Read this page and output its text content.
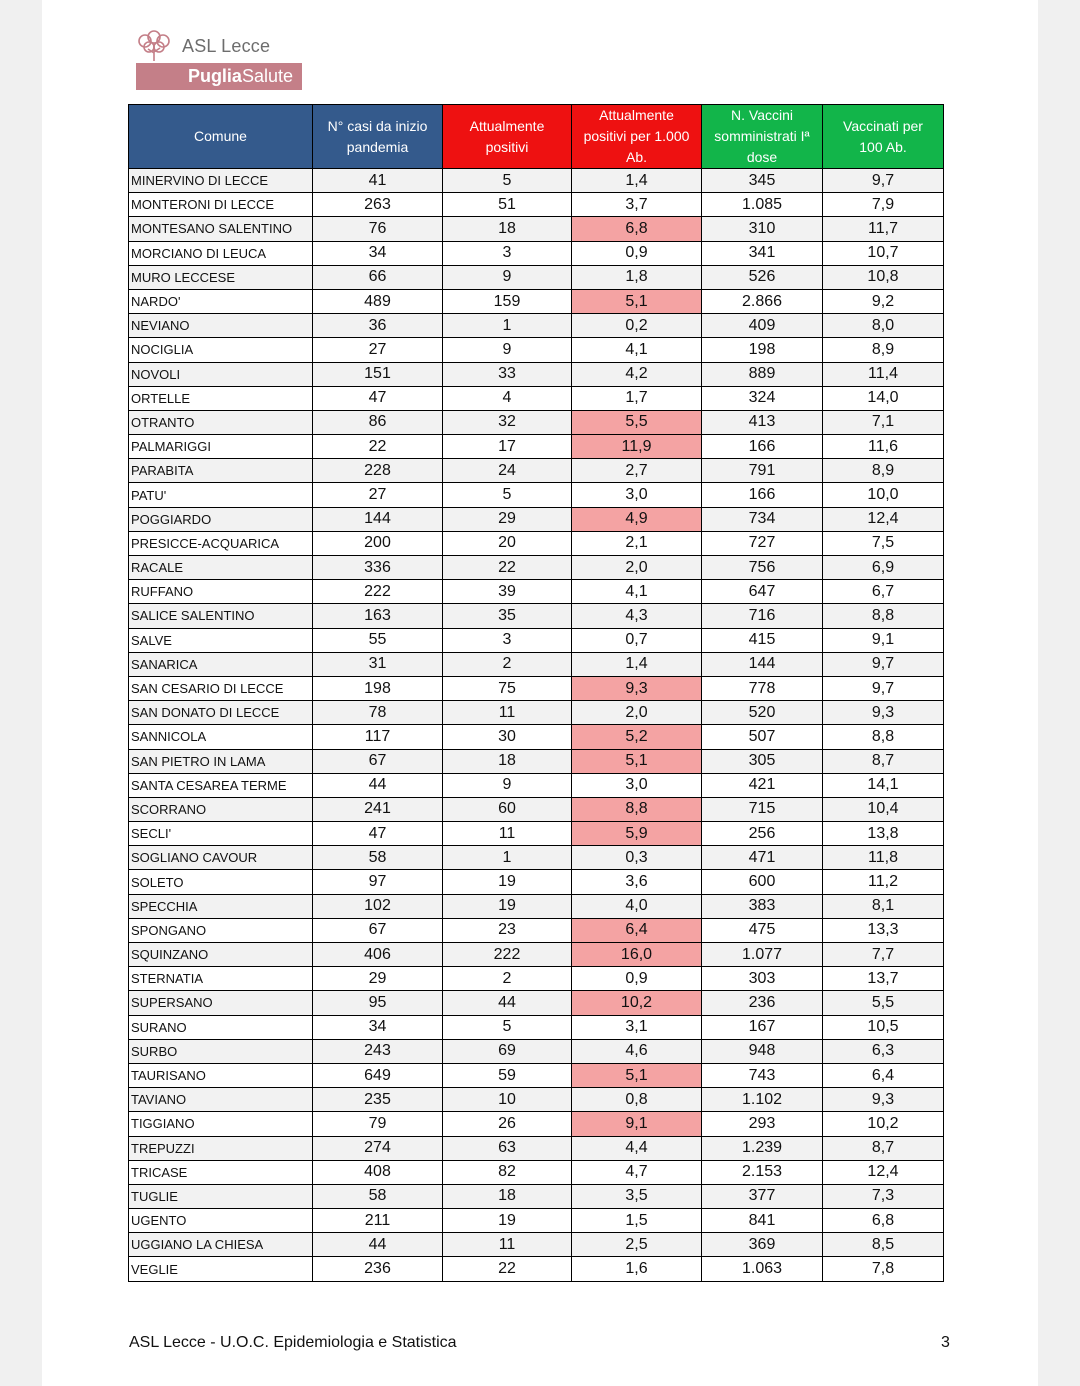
ASL Lecce
PugliaSalute
Comune	N° casi da inizio pandemia	Attualmente positivi	Attualmente positivi per 1.000 Ab.	N. Vaccini somministrati Iª dose	Vaccinati per 100 Ab.
MINERVINO DI LECCE	41	5	1,4	345	9,7
MONTERONI DI LECCE	263	51	3,7	1.085	7,9
MONTESANO SALENTINO	76	18	6,8	310	11,7
MORCIANO DI LEUCA	34	3	0,9	341	10,7
MURO LECCESE	66	9	1,8	526	10,8
NARDO'	489	159	5,1	2.866	9,2
NEVIANO	36	1	0,2	409	8,0
NOCIGLIA	27	9	4,1	198	8,9
NOVOLI	151	33	4,2	889	11,4
ORTELLE	47	4	1,7	324	14,0
OTRANTO	86	32	5,5	413	7,1
PALMARIGGI	22	17	11,9	166	11,6
PARABITA	228	24	2,7	791	8,9
PATU'	27	5	3,0	166	10,0
POGGIARDO	144	29	4,9	734	12,4
PRESICCE-ACQUARICA	200	20	2,1	727	7,5
RACALE	336	22	2,0	756	6,9
RUFFANO	222	39	4,1	647	6,7
SALICE SALENTINO	163	35	4,3	716	8,8
SALVE	55	3	0,7	415	9,1
SANARICA	31	2	1,4	144	9,7
SAN CESARIO DI LECCE	198	75	9,3	778	9,7
SAN DONATO DI LECCE	78	11	2,0	520	9,3
SANNICOLA	117	30	5,2	507	8,8
SAN PIETRO IN LAMA	67	18	5,1	305	8,7
SANTA CESAREA TERME	44	9	3,0	421	14,1
SCORRANO	241	60	8,8	715	10,4
SECLI'	47	11	5,9	256	13,8
SOGLIANO CAVOUR	58	1	0,3	471	11,8
SOLETO	97	19	3,6	600	11,2
SPECCHIA	102	19	4,0	383	8,1
SPONGANO	67	23	6,4	475	13,3
SQUINZANO	406	222	16,0	1.077	7,7
STERNATIA	29	2	0,9	303	13,7
SUPERSANO	95	44	10,2	236	5,5
SURANO	34	5	3,1	167	10,5
SURBO	243	69	4,6	948	6,3
TAURISANO	649	59	5,1	743	6,4
TAVIANO	235	10	0,8	1.102	9,3
TIGGIANO	79	26	9,1	293	10,2
TREPUZZI	274	63	4,4	1.239	8,7
TRICASE	408	82	4,7	2.153	12,4
TUGLIE	58	18	3,5	377	7,3
UGENTO	211	19	1,5	841	6,8
UGGIANO LA CHIESA	44	11	2,5	369	8,5
VEGLIE	236	22	1,6	1.063	7,8
ASL Lecce - U.O.C. Epidemiologia e Statistica	3
